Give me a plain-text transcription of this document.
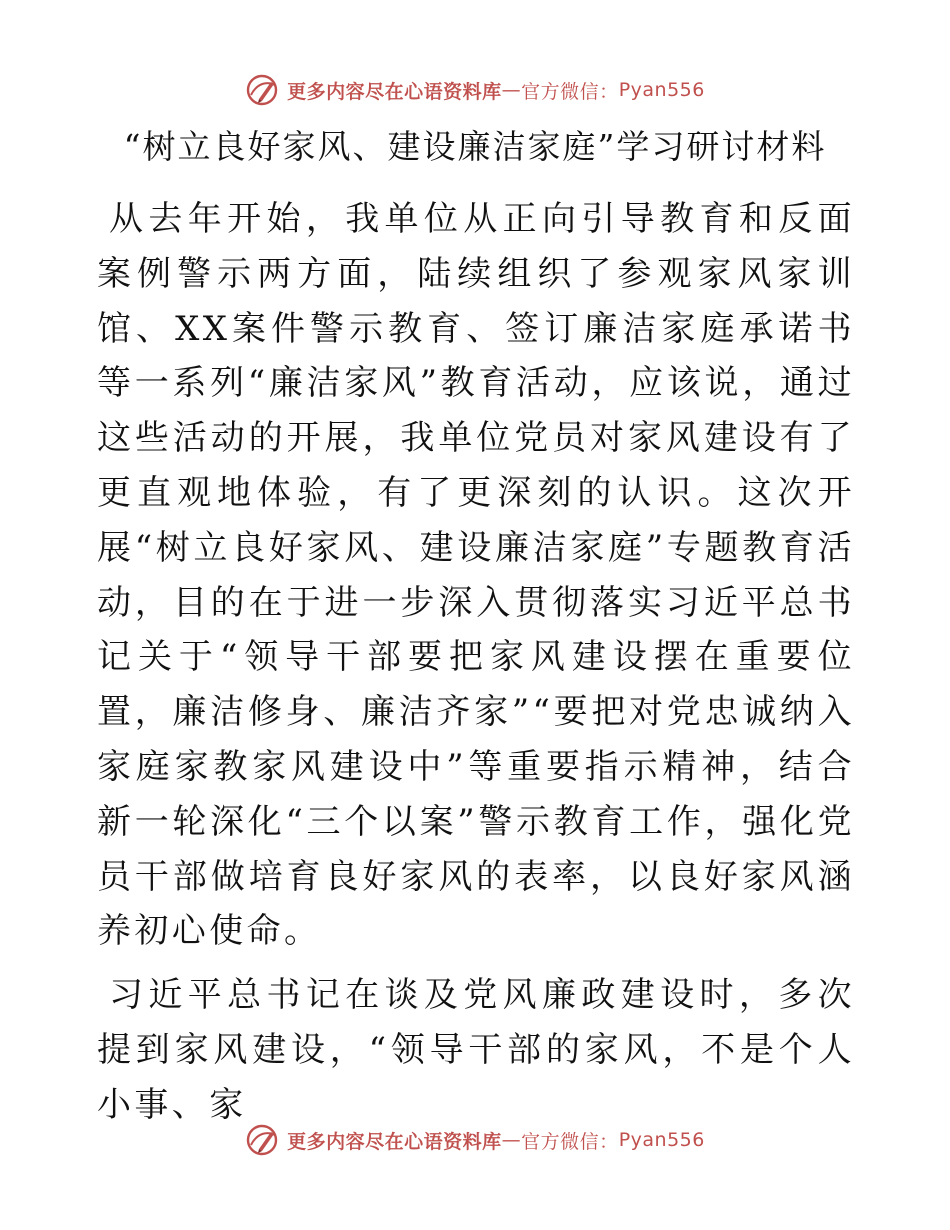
更多内容尽在心语资料库 — 官方微信： Pyan556
“树立良好家风、建设廉洁家庭”学习研讨材料

从去年开始，我单位从正向引导教育和反面案例警示两方面，陆续组织了参观家风家训馆、XX案件警示教育、签订廉洁家庭承诺书等一系列“廉洁家风”教育活动，应该说，通过这些活动的开展，我单位党员对家风建设有了更直观地体验，有了更深刻的认识。这次开展“树立良好家风、建设廉洁家庭”专题教育活动，目的在于进一步深入贯彻落实习近平总书记关于“领导干部要把家风建设摆在重要位置，廉洁修身、廉洁齐家”“要把对党忠诚纳入家庭家教家风建设中”等重要指示精神，结合新一轮深化“三个以案”警示教育工作，强化党员干部做培育良好家风的表率，以良好家风涵养初心使命。

习近平总书记在谈及党风廉政建设时，多次提到家风建设，“领导干部的家风，不是个人小事、家

更多内容尽在心语资料库 — 官方微信： Pyan556
